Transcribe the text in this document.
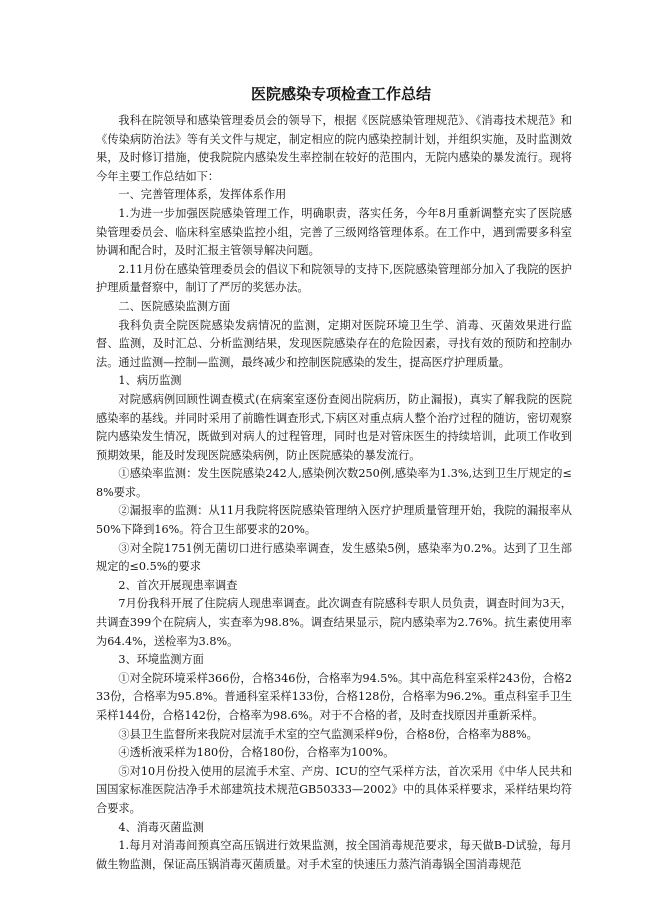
医院感染专项检查工作总结

我科在院领导和感染管理委员会的领导下，根据《医院感染管理规范》、《消毒技术规范》和《传染病防治法》等有关文件与规定，制定相应的院内感染控制计划，并组织实施，及时监测效果，及时修订措施，使我院院内感染发生率控制在较好的范围内，无院内感染的暴发流行。现将今年主要工作总结如下：

一、完善管理体系，发挥体系作用

1.为进一步加强医院感染管理工作，明确职责，落实任务，今年8月重新调整充实了医院感染管理委员会、临床科室感染监控小组，完善了三级网络管理体系。在工作中，遇到需要多科室协调和配合时，及时汇报主管领导解决问题。

2.11月份在感染管理委员会的倡议下和院领导的支持下,医院感染管理部分加入了我院的医护护理质量督察中，制订了严厉的奖惩办法。

二、医院感染监测方面

我科负责全院医院感染发病情况的监测，定期对医院环境卫生学、消毒、灭菌效果进行监督、监测，及时汇总、分析监测结果，发现医院感染存在的危险因素，寻找有效的预防和控制办法。通过监测—控制—监测，最终减少和控制医院感染的发生，提高医疗护理质量。

1、病历监测

对院感病例回顾性调查模式(在病案室逐份查阅出院病历，防止漏报)，真实了解我院的医院感染率的基线。并同时采用了前瞻性调查形式,下病区对重点病人整个治疗过程的随访，密切观察院内感染发生情况，既做到对病人的过程管理，同时也是对管床医生的持续培训，此项工作收到预期效果，能及时发现医院感染病例，防止医院感染的暴发流行。

①感染率监测：发生医院感染242人,感染例次数250例,感染率为1.3%,达到卫生厅规定的≤8%要求。

②漏报率的监测：从11月我院将医院感染管理纳入医疗护理质量管理开始，我院的漏报率从50%下降到16%。符合卫生部要求的20%。

③对全院1751例无菌切口进行感染率调查，发生感染5例，感染率为0.2%。达到了卫生部规定的≤0.5%的要求

2、首次开展现患率调查

7月份我科开展了住院病人现患率调查。此次调查有院感科专职人员负责，调查时间为3天，共调查399个在院病人，实查率为98.8%。调查结果显示，院内感染率为2.76%。抗生素使用率为64.4%，送检率为3.8%。

3、环境监测方面

①对全院环境采样366份，合格346份，合格率为94.5%。其中高危科室采样243份，合格233份，合格率为95.8%。普通科室采样133份，合格128份，合格率为96.2%。重点科室手卫生采样144份，合格142份，合格率为98.6%。对于不合格的者，及时查找原因并重新采样。

③县卫生监督所来我院对层流手术室的空气监测采样9份，合格8份，合格率为88%。

④透析液采样为180份，合格180份，合格率为100%。

⑤对10月份投入使用的层流手术室、产房、ICU的空气采样方法，首次采用《中华人民共和国国家标准医院洁净手术部建筑技术规范GB50333—2002》中的具体采样要求，采样结果均符合要求。

4、消毒灭菌监测

1.每月对消毒间预真空高压锅进行效果监测，按全国消毒规范要求，每天做B-D试验，每月做生物监测，保证高压锅消毒灭菌质量。对手术室的快速压力蒸汽消毒锅全国消毒规范
